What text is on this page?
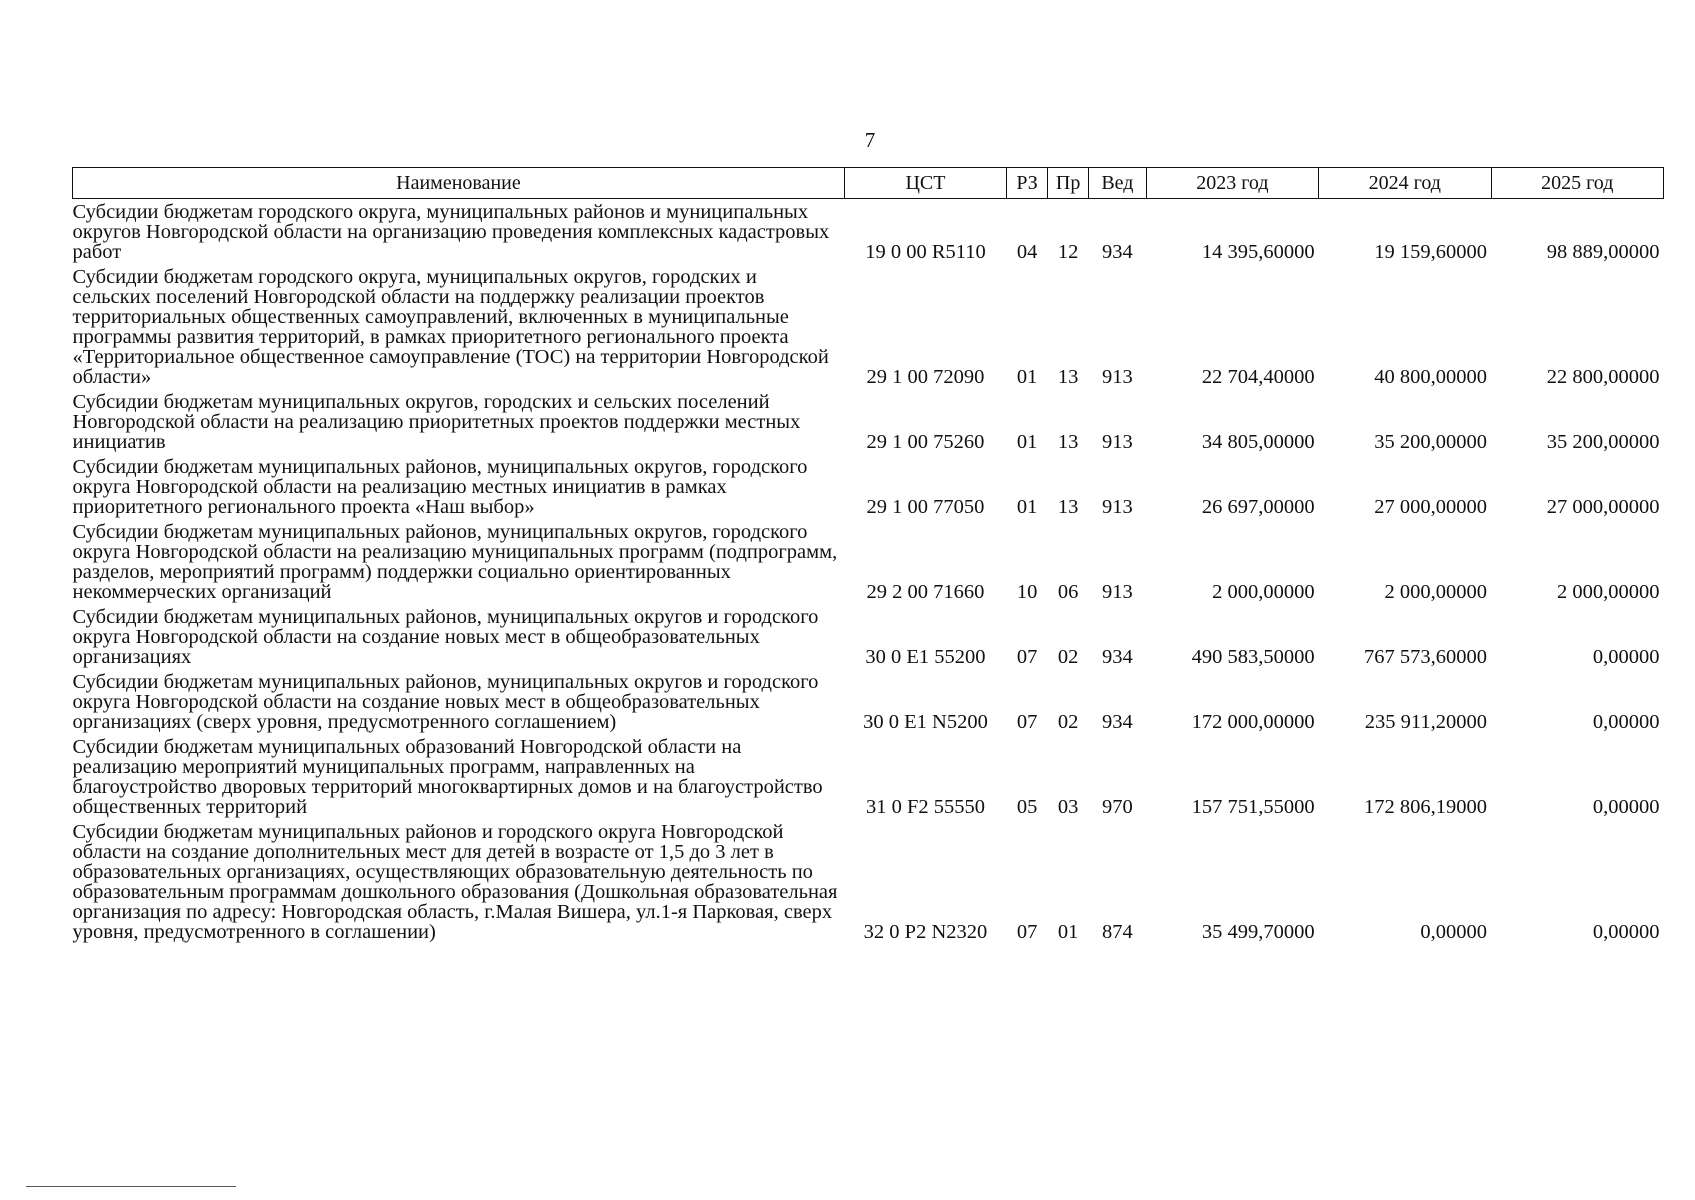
7
Наименование	ЦСТ	РЗ	Пр	Вед	2023 год	2024 год	2025 год
Субсидии бюджетам городского округа, муниципальных районов и муниципальных округов Новгородской области на организацию проведения комплексных кадастровых работ	19 0 00 R5110	04	12	934	14 395,60000	19 159,60000	98 889,00000
Субсидии бюджетам городского округа, муниципальных округов, городских и сельских поселений Новгородской области на поддержку реализации проектов территориальных общественных самоуправлений, включенных в муниципальные программы развития территорий, в рамках приоритетного регионального проекта «Территориальное общественное самоуправление (ТОС) на территории Новгородской области»	29 1 00 72090	01	13	913	22 704,40000	40 800,00000	22 800,00000
Субсидии бюджетам муниципальных округов, городских и сельских поселений Новгородской области на реализацию приоритетных проектов поддержки местных инициатив	29 1 00 75260	01	13	913	34 805,00000	35 200,00000	35 200,00000
Субсидии бюджетам муниципальных районов, муниципальных округов, городского округа Новгородской области на реализацию местных инициатив в рамках приоритетного регионального проекта «Наш выбор»	29 1 00 77050	01	13	913	26 697,00000	27 000,00000	27 000,00000
Субсидии бюджетам муниципальных районов, муниципальных округов, городского округа Новгородской области на реализацию муниципальных программ (подпрограмм, разделов, мероприятий программ) поддержки социально ориентированных некоммерческих организаций	29 2 00 71660	10	06	913	2 000,00000	2 000,00000	2 000,00000
Субсидии бюджетам муниципальных районов, муниципальных округов и городского округа Новгородской области на создание новых мест в общеобразовательных организациях	30 0 E1 55200	07	02	934	490 583,50000	767 573,60000	0,00000
Субсидии бюджетам муниципальных районов, муниципальных округов и городского округа Новгородской области на создание новых мест в общеобразовательных организациях (сверх уровня, предусмотренного соглашением)	30 0 E1 N5200	07	02	934	172 000,00000	235 911,20000	0,00000
Субсидии бюджетам муниципальных образований Новгородской области на реализацию мероприятий муниципальных программ, направленных на благоустройство дворовых территорий многоквартирных домов и на благоустройство общественных территорий	31 0 F2 55550	05	03	970	157 751,55000	172 806,19000	0,00000
Субсидии бюджетам муниципальных районов и городского округа Новгородской области на создание дополнительных мест для детей в возрасте от 1,5 до 3 лет в образовательных организациях, осуществляющих образовательную деятельность по образовательным программам дошкольного образования (Дошкольная образовательная организация по адресу: Новгородская область, г.Малая Вишера, ул.1-я Парковая, сверх уровня, предусмотренного в соглашении)	32 0 P2 N2320	07	01	874	35 499,70000	0,00000	0,00000
